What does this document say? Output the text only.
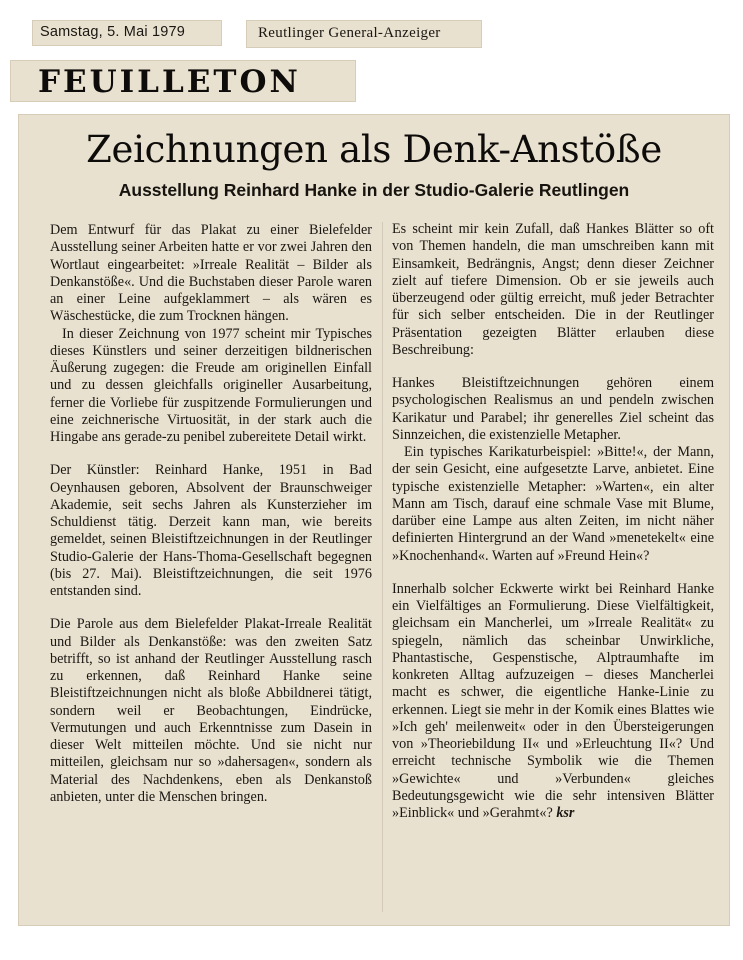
Samstag, 5. Mai 1979	Reutlinger General-Anzeiger
FEUILLETON
Zeichnungen als Denk-Anstöße
Ausstellung Reinhard Hanke in der Studio-Galerie Reutlingen

Dem Entwurf für das Plakat zu einer Bielefelder Ausstellung seiner Arbeiten hatte er vor zwei Jahren den Wortlaut eingearbeitet: »Irreale Realität – Bilder als Denkanstöße«. Und die Buchstaben dieser Parole waren an einer Leine aufgeklammert – als wären es Wäschestücke, die zum Trocknen hängen.

In dieser Zeichnung von 1977 scheint mir Typisches dieses Künstlers und seiner derzeitigen bildnerischen Äußerung zugegen: die Freude am originellen Einfall und zu dessen gleichfalls origineller Ausarbeitung, ferner die Vorliebe für zuspitzende Formulierungen und eine zeichnerische Virtuosität, in der stark auch die Hingabe ans gerade-zu penibel zubereitete Detail wirkt.

Der Künstler: Reinhard Hanke, 1951 in Bad Oeynhausen geboren, Absolvent der Braunschweiger Akademie, seit sechs Jahren als Kunsterzieher im Schuldienst tätig. Derzeit kann man, wie bereits gemeldet, seinen Bleistiftzeichnungen in der Reutlinger Studio-Galerie der Hans-Thoma-Gesellschaft begegnen (bis 27. Mai). Bleistiftzeichnungen, die seit 1976 entstanden sind.

Die Parole aus dem Bielefelder Plakat-Irreale Realität und Bilder als Denkanstöße: was den zweiten Satz betrifft, so ist anhand der Reutlinger Ausstellung rasch zu erkennen, daß Reinhard Hanke seine Bleistiftzeichnungen nicht als bloße Abbildnerei tätigt, sondern weil er Beobachtungen, Eindrücke, Vermutungen und auch Erkenntnisse zum Dasein in dieser Welt mitteilen möchte. Und sie nicht nur mitteilen, gleichsam nur so »dahersagen«, sondern als Material des Nachdenkens, eben als Denkanstoß anbieten, unter die Menschen bringen.

Es scheint mir kein Zufall, daß Hankes Blätter so oft von Themen handeln, die man umschreiben kann mit Einsamkeit, Bedrängnis, Angst; denn dieser Zeichner zielt auf tiefere Dimension. Ob er sie jeweils auch überzeugend oder gültig erreicht, muß jeder Betrachter für sich selber entscheiden. Die in der Reutlinger Präsentation gezeigten Blätter erlauben diese Beschreibung:

Hankes Bleistiftzeichnungen gehören einem psychologischen Realismus an und pendeln zwischen Karikatur und Parabel; ihr generelles Ziel scheint das Sinnzeichen, die existenzielle Metapher.

Ein typisches Karikaturbeispiel: »Bitte!«, der Mann, der sein Gesicht, eine aufgesetzte Larve, anbietet. Eine typische existenzielle Metapher: »Warten«, ein alter Mann am Tisch, darauf eine schmale Vase mit Blume, darüber eine Lampe aus alten Zeiten, im nicht näher definierten Hintergrund an der Wand »menetekelt« eine »Knochenhand«. Warten auf »Freund Hein«?

Innerhalb solcher Eckwerte wirkt bei Reinhard Hanke ein Vielfältiges an Formulierung. Diese Vielfältigkeit, gleichsam ein Mancherlei, um »Irreale Realität« zu spiegeln, nämlich das scheinbar Unwirkliche, Phantastische, Gespenstische, Alptraumhafte im konkreten Alltag aufzuzeigen – dieses Mancherlei macht es schwer, die eigentliche Hanke-Linie zu erkennen. Liegt sie mehr in der Komik eines Blattes wie »Ich geh' meilenweit« oder in den Übersteigerungen von »Theoriebildung II« und »Erleuchtung II«? Und erreicht technische Symbolik wie die Themen »Gewichte« und »Verbunden« gleiches Bedeutungsgewicht wie die sehr intensiven Blätter »Einblick« und »Gerahmt«? ksr
